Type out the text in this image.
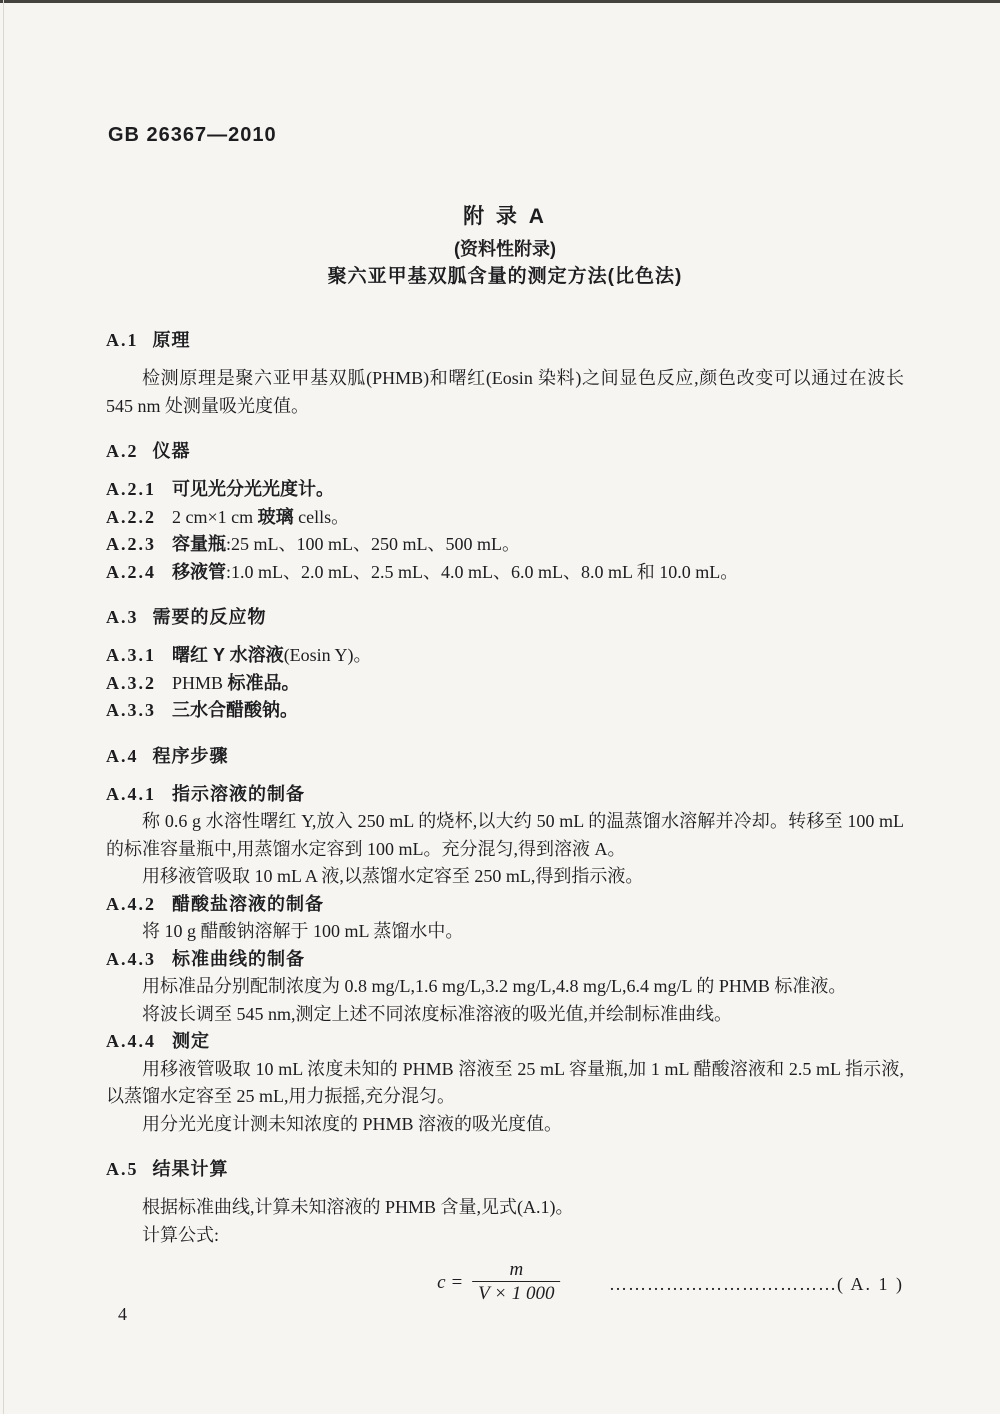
GB 26367—2010
附 录 A
(资料性附录)
聚六亚甲基双胍含量的测定方法(比色法)
A.1 原理

检测原理是聚六亚甲基双胍(PHMB)和曙红(Eosin 染料)之间显色反应,颜色改变可以通过在波长 545 nm 处测量吸光度值。

A.2 仪器
A.2.1 可见光分光光度计。
A.2.2 2 cm×1 cm 玻璃 cells。
A.2.3 容量瓶:25 mL、100 mL、250 mL、500 mL。
A.2.4 移液管:1.0 mL、2.0 mL、2.5 mL、4.0 mL、6.0 mL、8.0 mL 和 10.0 mL。
A.3 需要的反应物
A.3.1 曙红 Y 水溶液(Eosin Y)。
A.3.2 PHMB 标准品。
A.3.3 三水合醋酸钠。
A.4 程序步骤
A.4.1 指示溶液的制备

称 0.6 g 水溶性曙红 Y,放入 250 mL 的烧杯,以大约 50 mL 的温蒸馏水溶解并冷却。转移至 100 mL 的标准容量瓶中,用蒸馏水定容到 100 mL。充分混匀,得到溶液 A。

用移液管吸取 10 mL A 液,以蒸馏水定容至 250 mL,得到指示液。

A.4.2 醋酸盐溶液的制备

将 10 g 醋酸钠溶解于 100 mL 蒸馏水中。

A.4.3 标准曲线的制备

用标准品分别配制浓度为 0.8 mg/L,1.6 mg/L,3.2 mg/L,4.8 mg/L,6.4 mg/L 的 PHMB 标准液。

将波长调至 545 nm,测定上述不同浓度标准溶液的吸光值,并绘制标准曲线。

A.4.4 测定

用移液管吸取 10 mL 浓度未知的 PHMB 溶液至 25 mL 容量瓶,加 1 mL 醋酸溶液和 2.5 mL 指示液,以蒸馏水定容至 25 mL,用力振摇,充分混匀。

用分光光度计测未知浓度的 PHMB 溶液的吸光度值。

A.5 结果计算

根据标准曲线,计算未知溶液的 PHMB 含量,见式(A.1)。

计算公式:

$c = \frac{m}{V \times 1 000}$	………………………………( A. 1 )
4
